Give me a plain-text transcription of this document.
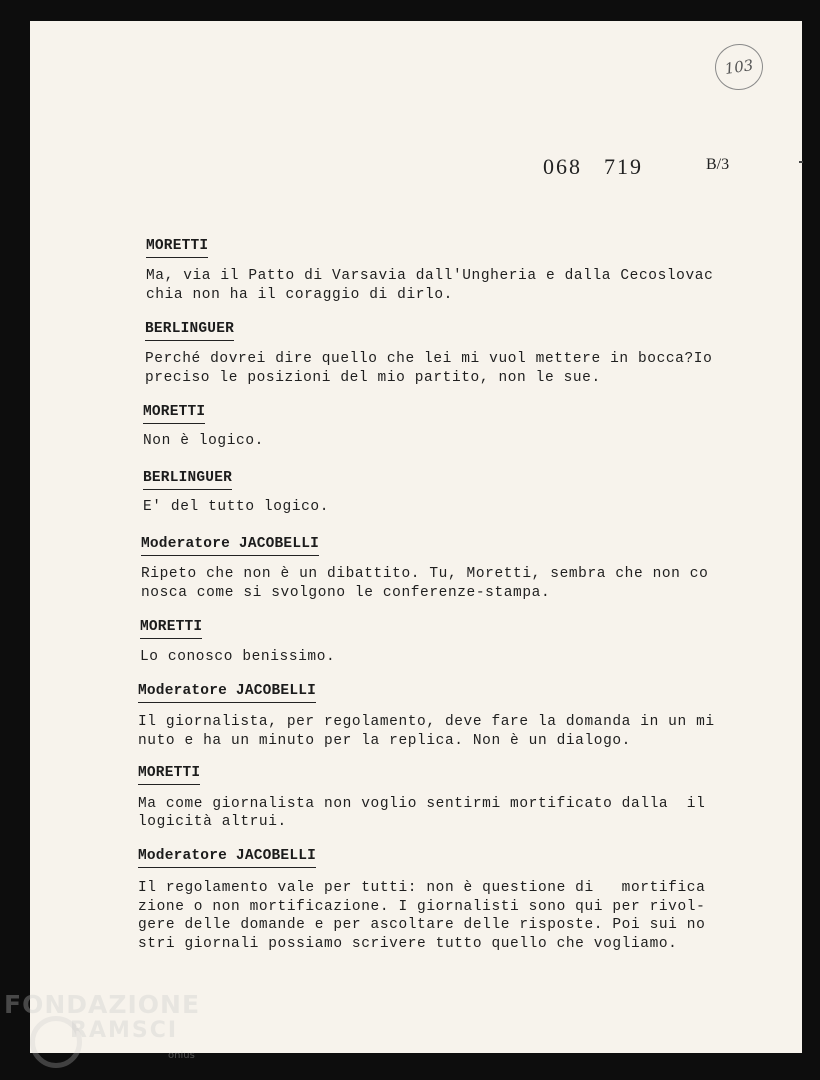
103
068 719	B/3
MORETTI
Ma, via il Patto di Varsavia dall'Ungheria e dalla Cecoslovac
chia non ha il coraggio di dirlo.
BERLINGUER
Perché dovrei dire quello che lei mi vuol mettere in bocca?Io
preciso le posizioni del mio partito, non le sue.
MORETTI
Non è logico.
BERLINGUER
E' del tutto logico.
Moderatore JACOBELLI
Ripeto che non è un dibattito. Tu, Moretti, sembra che non co
nosca come si svolgono le conferenze-stampa.
MORETTI
Lo conosco benissimo.
Moderatore JACOBELLI
Il giornalista, per regolamento, deve fare la domanda in un mi
nuto e ha un minuto per la replica. Non è un dialogo.
MORETTI
Ma come giornalista non voglio sentirmi mortificato dalla  il
logicità altrui.
Moderatore JACOBELLI
Il regolamento vale per tutti: non è questione di   mortifica
zione o non mortificazione. I giornalisti sono qui per rivol-
gere delle domande e per ascoltare delle risposte. Poi sui no
stri giornali possiamo scrivere tutto quello che vogliamo.
FONDAZIONE
RAMSCI
onlus
